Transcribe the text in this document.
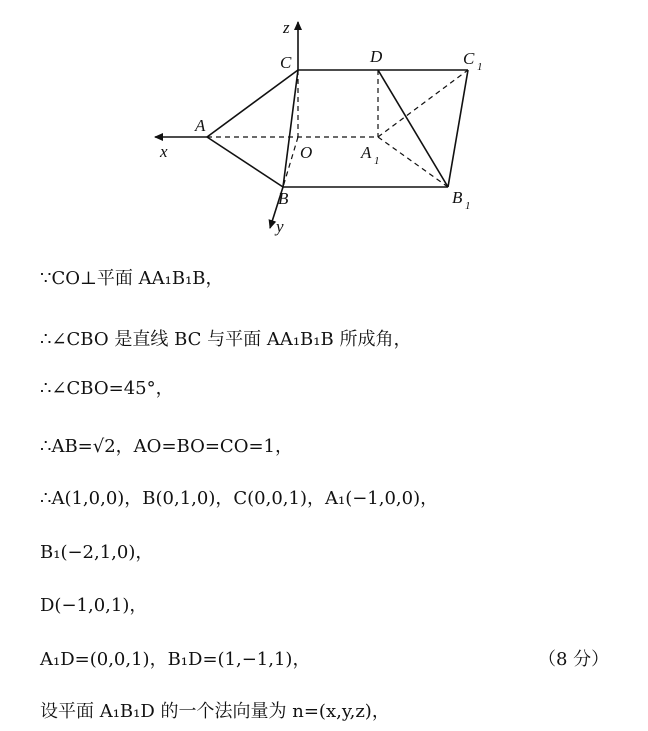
z
C	D	C 1
A
x	O	A 1
B
y
B 1
∵CO⊥平面 AA₁B₁B，
∴∠CBO 是直线 BC 与平面 AA₁B₁B 所成角，
∴∠CBO=45°，
∴AB=√2，AO=BO=CO=1，
∴A(1,0,0)，B(0,1,0)，C(0,0,1)，A₁(−1,0,0)，
B₁(−2,1,0)，
D(−1,0,1)，
A₁D=(0,0,1)，B₁D=(1,−1,1)，	（8 分）
设平面 A₁B₁D 的一个法向量为 n=(x,y,z)，
